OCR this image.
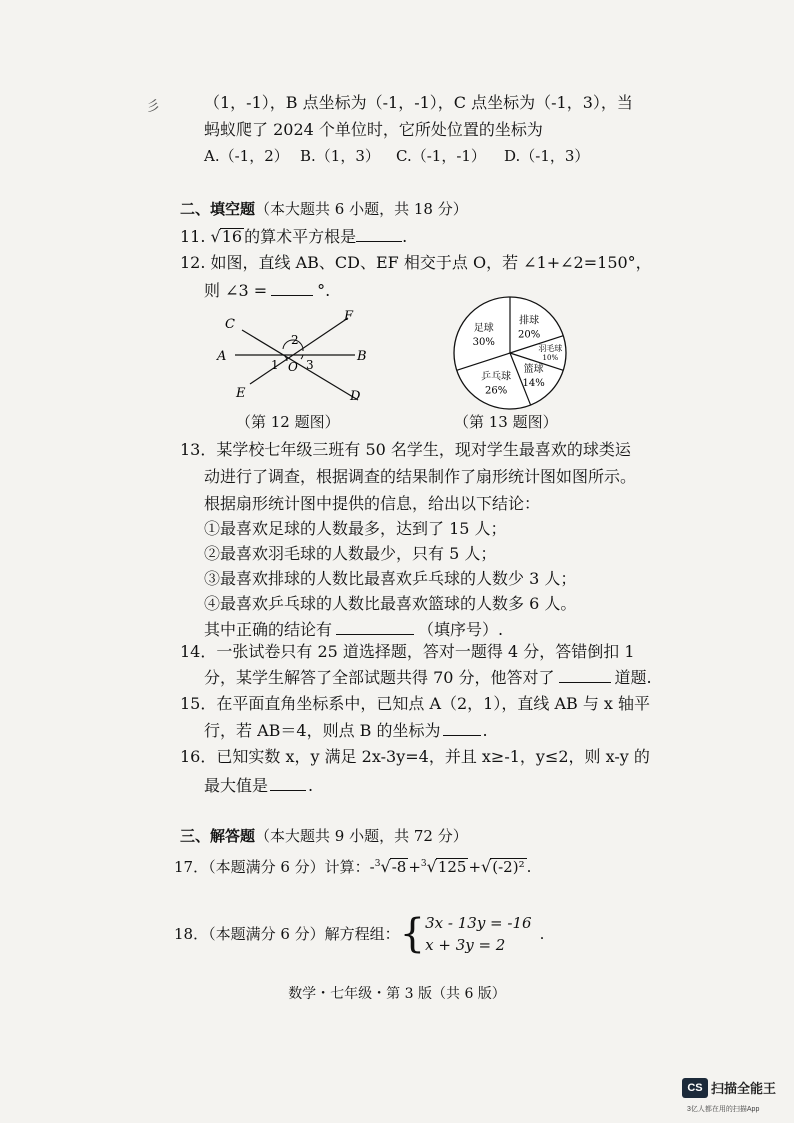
彡	（1，-1），B 点坐标为（-1，-1），C 点坐标为（-1，3），当
蚂蚁爬了 2024 个单位时，它所处位置的坐标为
A.（-1，2） B.（1，3） C.（-1，-1） D.（-1，3）
二、填空题（本大题共 6 小题，共 18 分）
11. √16 的算术平方根是	.
12. 如图，直线 AB、CD、EF 相交于点 O，若 ∠1+∠2=150°，
则 ∠3 =	°.
C
F
A	B
E	D
O
1
2
3
（第 12 题图）
足球
30%
排球
20%
羽毛球
10%
篮球
14%
乒乓球
26%
（第 13 题图）
13．某学校七年级三班有 50 名学生，现对学生最喜欢的球类运
动进行了调查，根据调查的结果制作了扇形统计图如图所示。
根据扇形统计图中提供的信息，给出以下结论：
①最喜欢足球的人数最多，达到了 15 人；
②最喜欢羽毛球的人数最少，只有 5 人；
③最喜欢排球的人数比最喜欢乒乓球的人数少 3 人；
④最喜欢乒乓球的人数比最喜欢篮球的人数多 6 人。
其中正确的结论有	（填序号）.
14．一张试卷只有 25 道选择题，答对一题得 4 分，答错倒扣 1
分，某学生解答了全部试题共得 70 分，他答对了	道题.
15．在平面直角坐标系中，已知点 A（2，1），直线 AB 与 x 轴平
行，若 AB＝4，则点 B 的坐标为	.
16．已知实数 x，y 满足 2x-3y=4，并且 x≥-1，y≤2，则 x-y 的
最大值是	.
三、解答题（本大题共 9 小题，共 72 分）
17．（本题满分 6 分）计算：-$^3$√-8 +$^3$√125 +√(-2)² .
18．（本题满分 6 分）解方程组：{ 3x - 13y = -16
x + 3y = 2
.
数学・七年级・第 3 版（共 6 版）
CS 扫描全能王
3亿人都在用的扫描App
